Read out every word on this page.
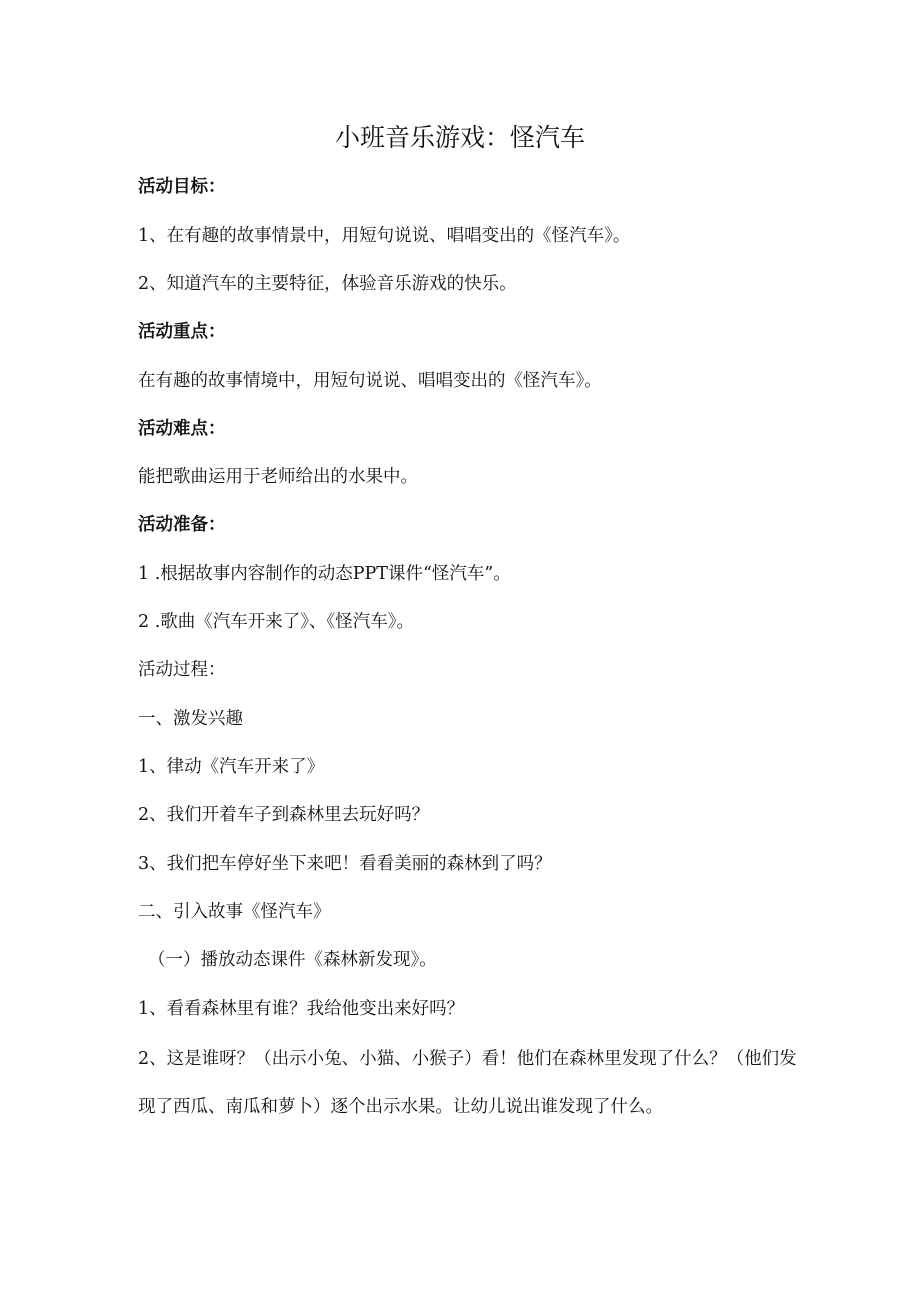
小班音乐游戏：怪汽车

活动目标：

1、在有趣的故事情景中，用短句说说、唱唱变出的《怪汽车》。

2、知道汽车的主要特征，体验音乐游戏的快乐。

活动重点：

在有趣的故事情境中，用短句说说、唱唱变出的《怪汽车》。

活动难点：

能把歌曲运用于老师给出的水果中。

活动准备：

1 .根据故事内容制作的动态PPT课件“怪汽车”。

2 .歌曲《汽车开来了》、《怪汽车》。

活动过程：

一、激发兴趣

1、律动《汽车开来了》

2、我们开着车子到森林里去玩好吗？

3、我们把车停好坐下来吧！看看美丽的森林到了吗？

二、引入故事《怪汽车》

（一）播放动态课件《森林新发现》。

1、看看森林里有谁？我给他变出来好吗？

2、这是谁呀？（出示小兔、小猫、小猴子）看！他们在森林里发现了什么？（他们发现了西瓜、南瓜和萝卜）逐个出示水果。让幼儿说出谁发现了什么。
